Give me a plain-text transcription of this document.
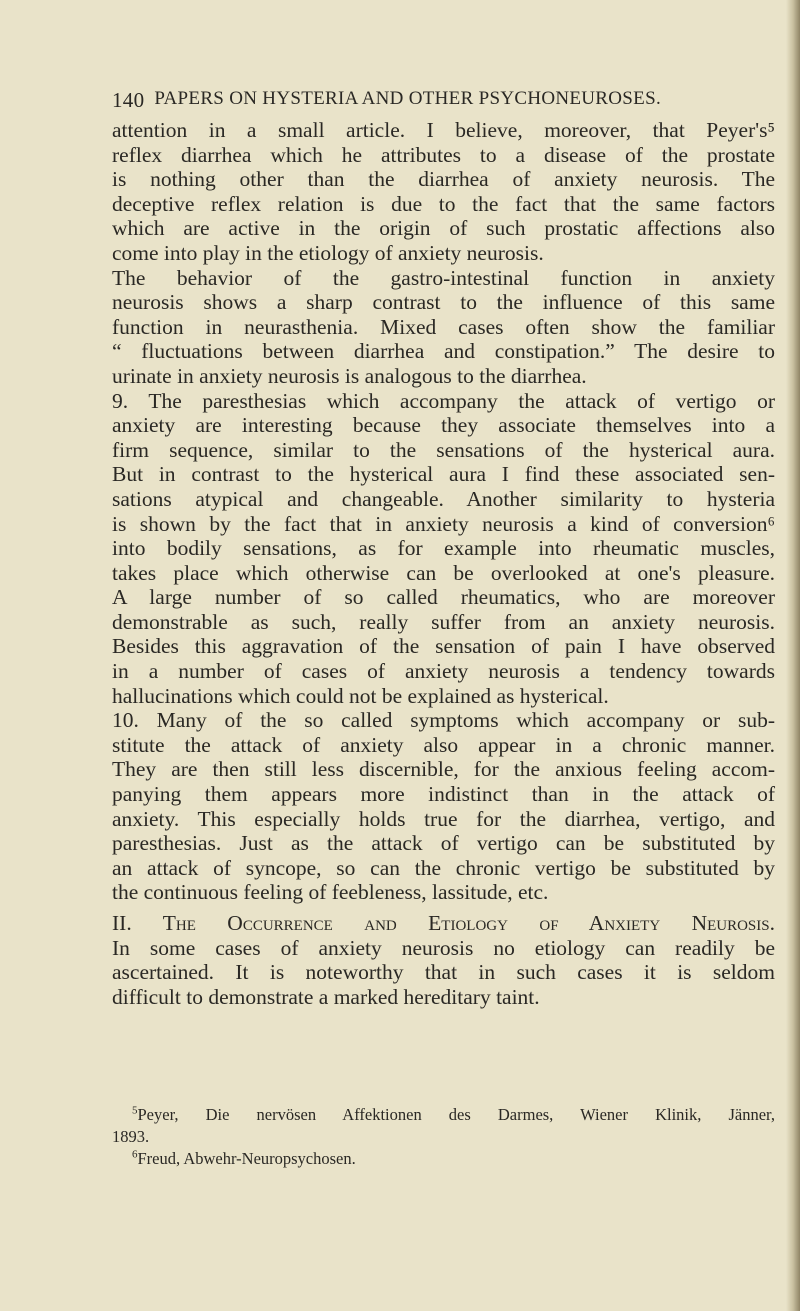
140 PAPERS ON HYSTERIA AND OTHER PSYCHONEUROSES.
attention in a small article. I believe, moreover, that Peyer's⁵
reflex diarrhea which he attributes to a disease of the prostate
is nothing other than the diarrhea of anxiety neurosis. The
deceptive reflex relation is due to the fact that the same factors
which are active in the origin of such prostatic affections also
come into play in the etiology of anxiety neurosis.
The behavior of the gastro-intestinal function in anxiety
neurosis shows a sharp contrast to the influence of this same
function in neurasthenia. Mixed cases often show the familiar
“ fluctuations between diarrhea and constipation.” The desire to
urinate in anxiety neurosis is analogous to the diarrhea.
9. The paresthesias which accompany the attack of vertigo or
anxiety are interesting because they associate themselves into a
firm sequence, similar to the sensations of the hysterical aura.
But in contrast to the hysterical aura I find these associated sen-
sations atypical and changeable. Another similarity to hysteria
is shown by the fact that in anxiety neurosis a kind of conversion⁶
into bodily sensations, as for example into rheumatic muscles,
takes place which otherwise can be overlooked at one's pleasure.
A large number of so called rheumatics, who are moreover
demonstrable as such, really suffer from an anxiety neurosis.
Besides this aggravation of the sensation of pain I have observed
in a number of cases of anxiety neurosis a tendency towards
hallucinations which could not be explained as hysterical.
10. Many of the so called symptoms which accompany or sub-
stitute the attack of anxiety also appear in a chronic manner.
They are then still less discernible, for the anxious feeling accom-
panying them appears more indistinct than in the attack of
anxiety. This especially holds true for the diarrhea, vertigo, and
paresthesias. Just as the attack of vertigo can be substituted by
an attack of syncope, so can the chronic vertigo be substituted by
the continuous feeling of feebleness, lassitude, etc.
II. The Occurrence and Etiology of Anxiety Neurosis.
In some cases of anxiety neurosis no etiology can readily be
ascertained. It is noteworthy that in such cases it is seldom
difficult to demonstrate a marked hereditary taint.
$^5$Peyer, Die nervösen Affektionen des Darmes, Wiener Klinik, Jänner,
1893.
$^6$Freud, Abwehr-Neuropsychosen.
